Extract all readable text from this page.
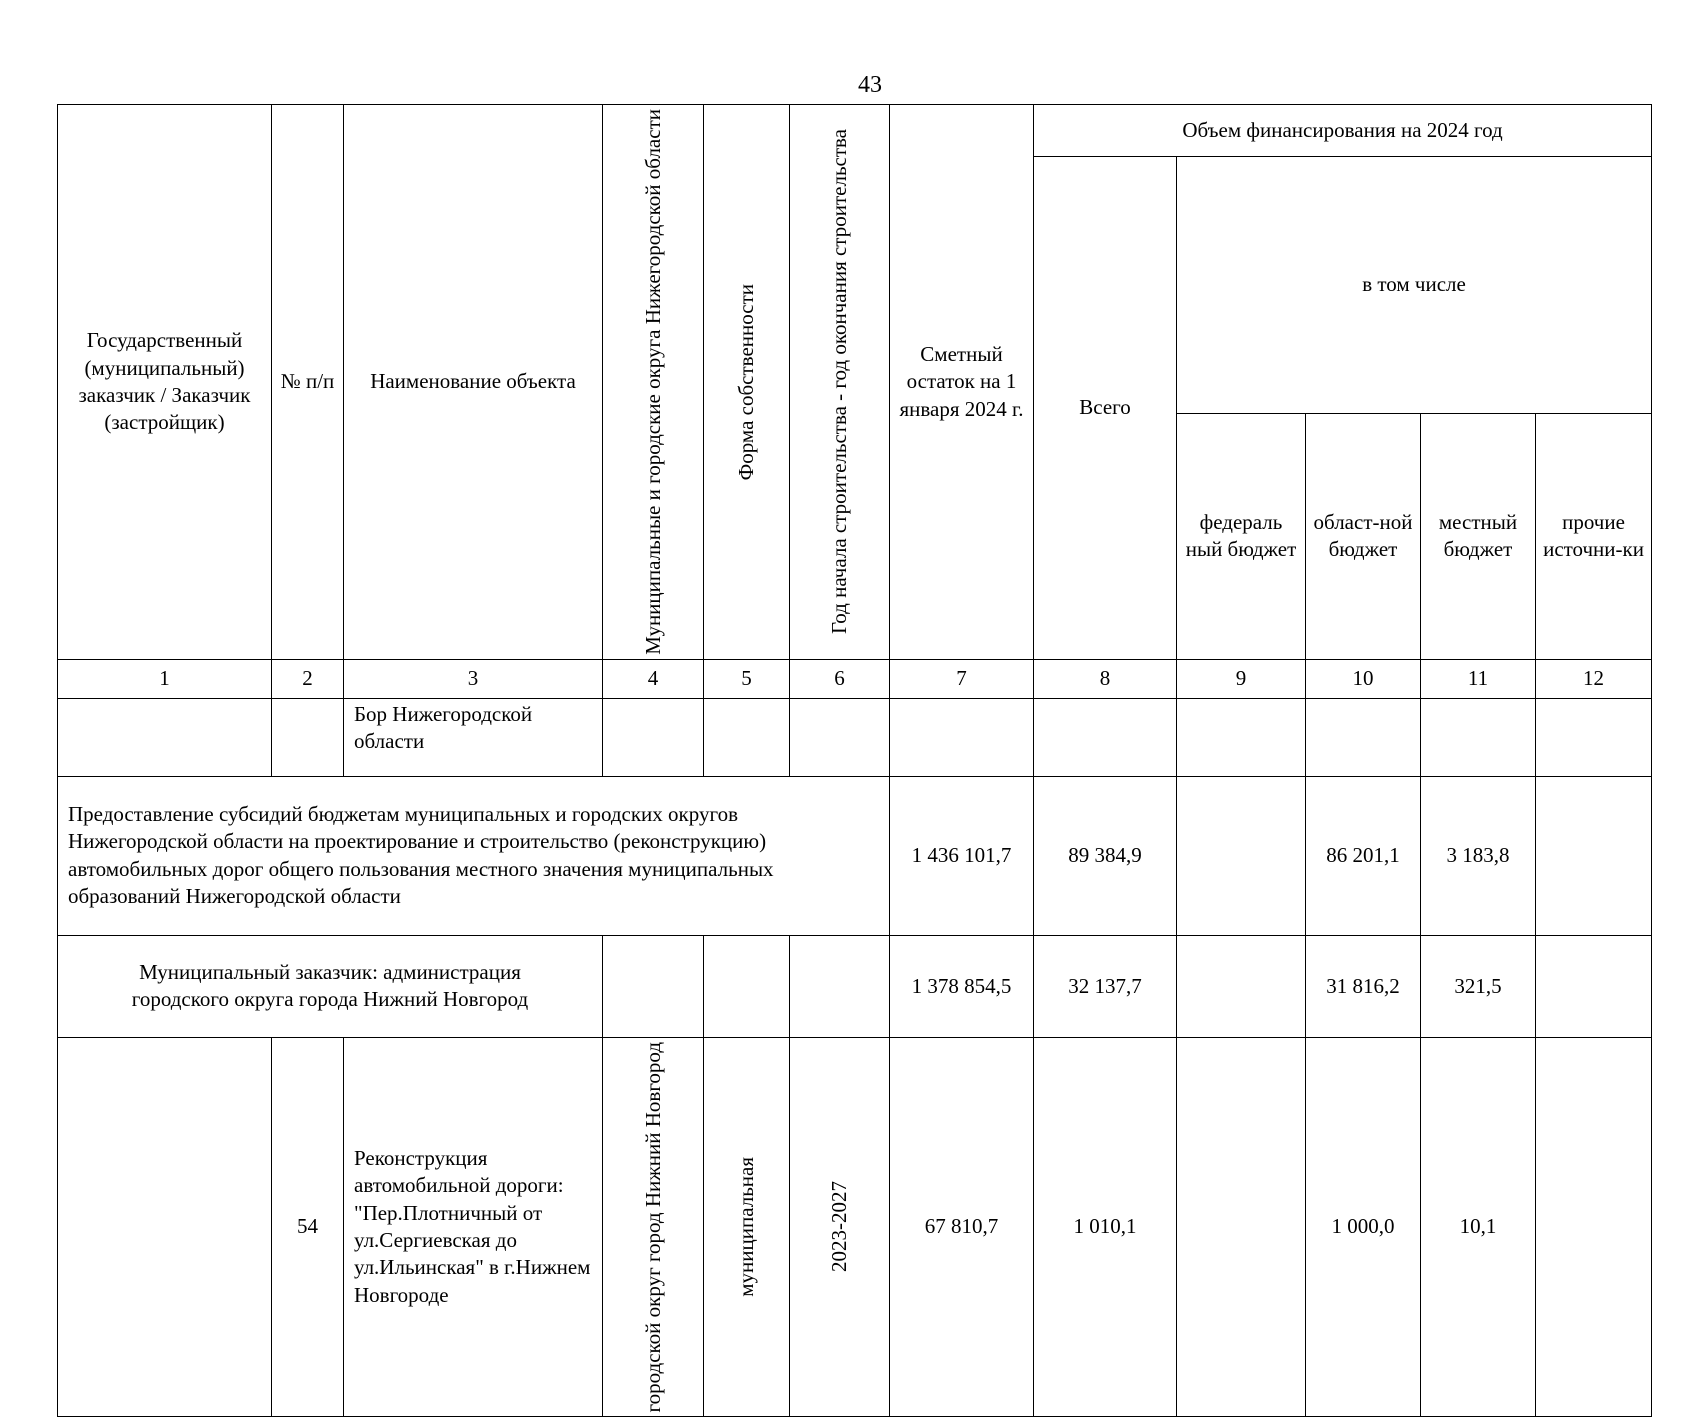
43
Государственный (муниципальный) заказчик / Заказчик (застройщик)	№ п/п	Наименование объекта	Муниципальные и городские округа Нижегородской области	Форма собственности	Год начала строительства - год окончания строительства	Сметный остаток на 1 января 2024 г.	Объем финансирования на 2024 год				
							Всего	в том числе			
								федераль ный бюджет	област-ной бюджет	местный бюджет	прочие источни-ки
1	2	3	4	5	6	7	8	9	10	11	12
		Бор Нижегородской области									
Предоставление субсидий бюджетам муниципальных и городских округов Нижегородской области на проектирование и строительство (реконструкцию) автомобильных дорог общего пользования местного значения муниципальных образований Нижегородской области						1 436 101,7	89 384,9		86 201,1	3 183,8	
Муниципальный заказчик: администрация городского округа города Нижний Новгород						1 378 854,5	32 137,7		31 816,2	321,5	
	54	Реконструкция автомобильной дороги: "Пер.Плотничный от ул.Сергиевская до ул.Ильинская" в г.Нижнем Новгороде	городской округ город Нижний Новгород	муниципальная	2023-2027	67 810,7	1 010,1		1 000,0	10,1	
